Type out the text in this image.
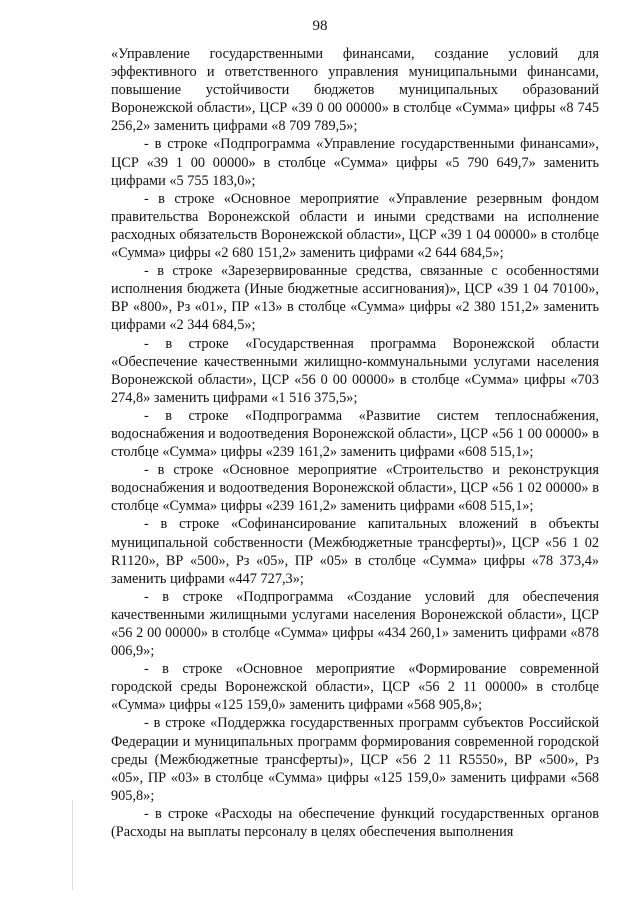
98

«Управление государственными финансами, создание условий для эффективного и ответственного управления муниципальными финансами, повышение устойчивости бюджетов муниципальных образований Воронежской области», ЦСР «39 0 00 00000» в столбце «Сумма» цифры «8 745 256,2» заменить цифрами «8 709 789,5»;

- в строке «Подпрограмма «Управление государственными финансами», ЦСР «39 1 00 00000» в столбце «Сумма» цифры «5 790 649,7» заменить цифрами «5 755 183,0»;

- в строке «Основное мероприятие «Управление резервным фондом правительства Воронежской области и иными средствами на исполнение расходных обязательств Воронежской области», ЦСР «39 1 04 00000» в столбце «Сумма» цифры «2 680 151,2» заменить цифрами «2 644 684,5»;

- в строке «Зарезервированные средства, связанные с особенностями исполнения бюджета (Иные бюджетные ассигнования)», ЦСР «39 1 04 70100», ВР «800», Рз «01», ПР «13» в столбце «Сумма» цифры «2 380 151,2» заменить цифрами «2 344 684,5»;

- в строке «Государственная программа Воронежской области «Обеспечение качественными жилищно-коммунальными услугами населения Воронежской области», ЦСР «56 0 00 00000» в столбце «Сумма» цифры «703 274,8» заменить цифрами «1 516 375,5»;

- в строке «Подпрограмма «Развитие систем теплоснабжения, водоснабжения и водоотведения Воронежской области», ЦСР «56 1 00 00000» в столбце «Сумма» цифры «239 161,2» заменить цифрами «608 515,1»;

- в строке «Основное мероприятие «Строительство и реконструкция водоснабжения и водоотведения Воронежской области», ЦСР «56 1 02 00000» в столбце «Сумма» цифры «239 161,2» заменить цифрами «608 515,1»;

- в строке «Софинансирование капитальных вложений в объекты муниципальной собственности (Межбюджетные трансферты)», ЦСР «56 1 02 R1120», ВР «500», Рз «05», ПР «05» в столбце «Сумма» цифры «78 373,4» заменить цифрами «447 727,3»;

- в строке «Подпрограмма «Создание условий для обеспечения качественными жилищными услугами населения Воронежской области», ЦСР «56 2 00 00000» в столбце «Сумма» цифры «434 260,1» заменить цифрами «878 006,9»;

- в строке «Основное мероприятие «Формирование современной городской среды Воронежской области», ЦСР «56 2 11 00000» в столбце «Сумма» цифры «125 159,0» заменить цифрами «568 905,8»;

- в строке «Поддержка государственных программ субъектов Российской Федерации и муниципальных программ формирования современной городской среды (Межбюджетные трансферты)», ЦСР «56 2 11 R5550», ВР «500», Рз «05», ПР «03» в столбце «Сумма» цифры «125 159,0» заменить цифрами «568 905,8»;

- в строке «Расходы на обеспечение функций государственных органов (Расходы на выплаты персоналу в целях обеспечения выполнения
